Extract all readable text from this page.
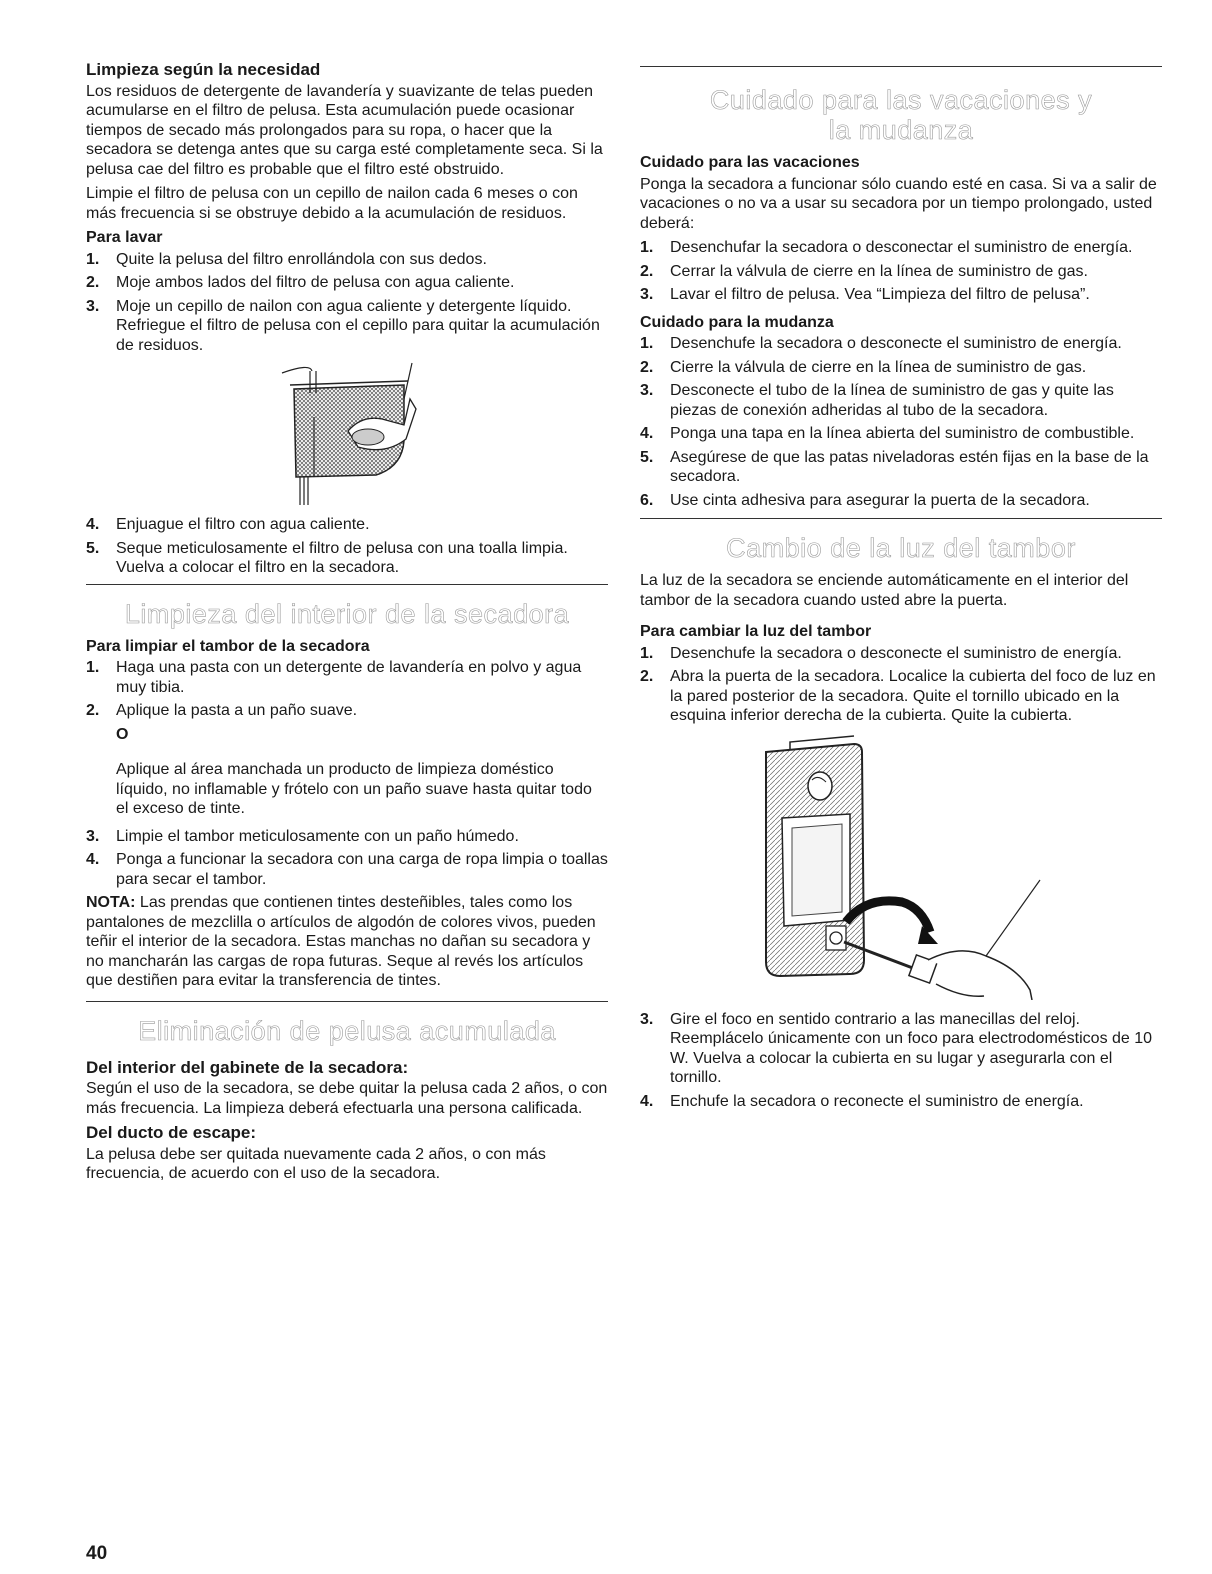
Limpieza según la necesidad

Los residuos de detergente de lavandería y suavizante de telas pueden acumularse en el filtro de pelusa. Esta acumulación puede ocasionar tiempos de secado más prolongados para su ropa, o hacer que la secadora se detenga antes que su carga esté completamente seca. Si la pelusa cae del filtro es probable que el filtro esté obstruido.

Limpie el filtro de pelusa con un cepillo de nailon cada 6 meses o con más frecuencia si se obstruye debido a la acumulación de residuos.

Para lavar
1. Quite la pelusa del filtro enrollándola con sus dedos.
2. Moje ambos lados del filtro de pelusa con agua caliente.
3. Moje un cepillo de nailon con agua caliente y detergente líquido. Refriegue el filtro de pelusa con el cepillo para quitar la acumulación de residuos.
4. Enjuague el filtro con agua caliente.
5. Seque meticulosamente el filtro de pelusa con una toalla limpia. Vuelva a colocar el filtro en la secadora.
Limpieza del interior de la secadora
Para limpiar el tambor de la secadora
1. Haga una pasta con un detergente de lavandería en polvo y agua muy tibia.
2. Aplique la pasta a un paño suave.
O

Aplique al área manchada un producto de limpieza doméstico líquido, no inflamable y frótelo con un paño suave hasta quitar todo el exceso de tinte.

3. Limpie el tambor meticulosamente con un paño húmedo.
4. Ponga a funcionar la secadora con una carga de ropa limpia o toallas para secar el tambor.

NOTA: Las prendas que contienen tintes desteñibles, tales como los pantalones de mezclilla o artículos de algodón de colores vivos, pueden teñir el interior de la secadora. Estas manchas no dañan su secadora y no mancharán las cargas de ropa futuras. Seque al revés los artículos que destiñen para evitar la transferencia de tintes.

Eliminación de pelusa acumulada
Del interior del gabinete de la secadora:

Según el uso de la secadora, se debe quitar la pelusa cada 2 años, o con más frecuencia. La limpieza deberá efectuarla una persona calificada.

Del ducto de escape:

La pelusa debe ser quitada nuevamente cada 2 años, o con más frecuencia, de acuerdo con el uso de la secadora.

Cuidado para las vacaciones y
la mudanza
Cuidado para las vacaciones

Ponga la secadora a funcionar sólo cuando esté en casa. Si va a salir de vacaciones o no va a usar su secadora por un tiempo prolongado, usted deberá:

1. Desenchufar la secadora o desconectar el suministro de energía.
2. Cerrar la válvula de cierre en la línea de suministro de gas.
3. Lavar el filtro de pelusa. Vea “Limpieza del filtro de pelusa”.
Cuidado para la mudanza
1. Desenchufe la secadora o desconecte el suministro de energía.
2. Cierre la válvula de cierre en la línea de suministro de gas.
3. Desconecte el tubo de la línea de suministro de gas y quite las piezas de conexión adheridas al tubo de la secadora.
4. Ponga una tapa en la línea abierta del suministro de combustible.
5. Asegúrese de que las patas niveladoras estén fijas en la base de la secadora.
6. Use cinta adhesiva para asegurar la puerta de la secadora.
Cambio de la luz del tambor

La luz de la secadora se enciende automáticamente en el interior del tambor de la secadora cuando usted abre la puerta.

Para cambiar la luz del tambor
1. Desenchufe la secadora o desconecte el suministro de energía.
2. Abra la puerta de la secadora. Localice la cubierta del foco de luz en la pared posterior de la secadora. Quite el tornillo ubicado en la esquina inferior derecha de la cubierta. Quite la cubierta.
3. Gire el foco en sentido contrario a las manecillas del reloj. Reemplácelo únicamente con un foco para electrodomésticos de 10 W. Vuelva a colocar la cubierta en su lugar y asegurarla con el tornillo.
4. Enchufe la secadora o reconecte el suministro de energía.
40
